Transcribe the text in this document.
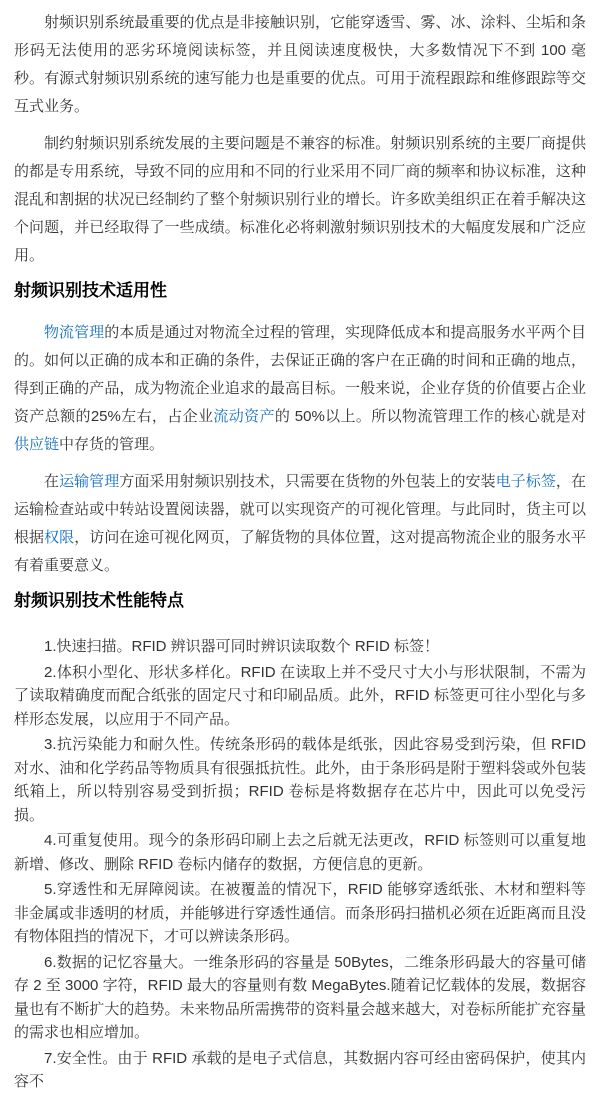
射频识别系统最重要的优点是非接触识别，它能穿透雪、雾、冰、涂料、尘垢和条形码无法使用的恶劣环境阅读标签，并且阅读速度极快，大多数情况下不到 100 毫秒。有源式射频识别系统的速写能力也是重要的优点。可用于流程跟踪和维修跟踪等交互式业务。

制约射频识别系统发展的主要问题是不兼容的标准。射频识别系统的主要厂商提供的都是专用系统，导致不同的应用和不同的行业采用不同厂商的频率和协议标准，这种混乱和割据的状况已经制约了整个射频识别行业的增长。许多欧美组织正在着手解决这个问题，并已经取得了一些成绩。标准化必将刺激射频识别技术的大幅度发展和广泛应用。

射频识别技术适用性

物流管理的本质是通过对物流全过程的管理，实现降低成本和提高服务水平两个目的。如何以正确的成本和正确的条件，去保证正确的客户在正确的时间和正确的地点，得到正确的产品，成为物流企业追求的最高目标。一般来说，企业存货的价值要占企业资产总额的25%左右，占企业流动资产的 50%以上。所以物流管理工作的核心就是对供应链中存货的管理。

在运输管理方面采用射频识别技术，只需要在货物的外包装上的安装电子标签，在运输检查站或中转站设置阅读器，就可以实现资产的可视化管理。与此同时，货主可以根据权限，访问在途可视化网页，了解货物的具体位置，这对提高物流企业的服务水平有着重要意义。

射频识别技术性能特点

1.快速扫描。RFID 辨识器可同时辨识读取数个 RFID 标签！

2.体积小型化、形状多样化。RFID 在读取上并不受尺寸大小与形状限制，不需为了读取精确度而配合纸张的固定尺寸和印刷品质。此外，RFID 标签更可往小型化与多样形态发展，以应用于不同产品。

3.抗污染能力和耐久性。传统条形码的载体是纸张，因此容易受到污染，但 RFID 对水、油和化学药品等物质具有很强抵抗性。此外，由于条形码是附于塑料袋或外包装纸箱上，所以特别容易受到折损；RFID 卷标是将数据存在芯片中，因此可以免受污损。

4.可重复使用。现今的条形码印刷上去之后就无法更改，RFID 标签则可以重复地新增、修改、删除 RFID 卷标内储存的数据，方便信息的更新。

5.穿透性和无屏障阅读。在被覆盖的情况下，RFID 能够穿透纸张、木材和塑料等非金属或非透明的材质，并能够进行穿透性通信。而条形码扫描机必须在近距离而且没有物体阻挡的情况下，才可以辨读条形码。

6.数据的记忆容量大。一维条形码的容量是 50Bytes，二维条形码最大的容量可储存 2 至 3000 字符，RFID 最大的容量则有数 MegaBytes.随着记忆载体的发展，数据容量也有不断扩大的趋势。未来物品所需携带的资料量会越来越大，对卷标所能扩充容量的需求也相应增加。

7.安全性。由于 RFID 承载的是电子式信息，其数据内容可经由密码保护，使其内容不
